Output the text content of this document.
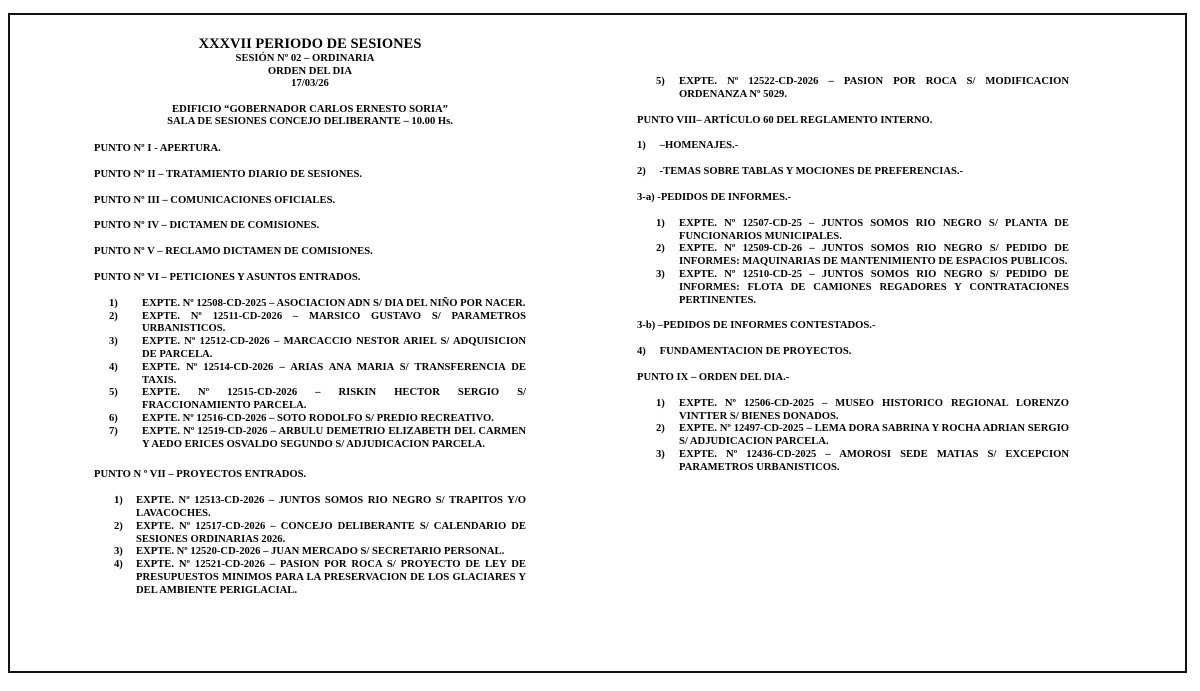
XXXVII PERIODO DE SESIONES
SESIÓN Nº 02 – ORDINARIA
ORDEN DEL DIA
17/03/26
EDIFICIO “GOBERNADOR CARLOS ERNESTO SORIA”
SALA DE SESIONES CONCEJO DELIBERANTE – 10.00 Hs.
PUNTO Nº I - APERTURA.
PUNTO Nº II – TRATAMIENTO DIARIO DE SESIONES.
PUNTO Nº III – COMUNICACIONES OFICIALES.
PUNTO Nº IV – DICTAMEN DE COMISIONES.
PUNTO Nº V – RECLAMO DICTAMEN DE COMISIONES.
PUNTO Nº VI – PETICIONES Y ASUNTOS ENTRADOS.
1) EXPTE. Nº 12508-CD-2025 – ASOCIACION ADN S/ DIA DEL NIÑO POR NACER.
2) EXPTE. Nº 12511-CD-2026 – MARSICO GUSTAVO S/ PARAMETROS URBANISTICOS.
3) EXPTE. Nº 12512-CD-2026 – MARCACCIO NESTOR ARIEL S/ ADQUISICION DE PARCELA.
4) EXPTE. Nº 12514-CD-2026 – ARIAS ANA MARIA S/ TRANSFERENCIA DE TAXIS.
5) EXPTE. Nº 12515-CD-2026 – RISKIN HECTOR SERGIO S/ FRACCIONAMIENTO PARCELA.
6) EXPTE. Nº 12516-CD-2026 – SOTO RODOLFO S/ PREDIO RECREATIVO.
7) EXPTE. Nº 12519-CD-2026 – ARBULU DEMETRIO ELIZABETH DEL CARMEN Y AEDO ERICES OSVALDO SEGUNDO S/ ADJUDICACION PARCELA.
PUNTO N º VII – PROYECTOS ENTRADOS.
1) EXPTE. Nº 12513-CD-2026 – JUNTOS SOMOS RIO NEGRO S/ TRAPITOS Y/O LAVACOCHES.
2) EXPTE. Nº 12517-CD-2026 – CONCEJO DELIBERANTE S/ CALENDARIO DE SESIONES ORDINARIAS 2026.
3) EXPTE. Nº 12520-CD-2026 – JUAN MERCADO S/ SECRETARIO PERSONAL.
4) EXPTE. Nº 12521-CD-2026 – PASION POR ROCA S/ PROYECTO DE LEY DE PRESUPUESTOS MINIMOS PARA LA PRESERVACION DE LOS GLACIARES Y DEL AMBIENTE PERIGLACIAL.
5) EXPTE. Nº 12522-CD-2026 – PASION POR ROCA S/ MODIFICACION ORDENANZA Nº 5029.
PUNTO VIII– ARTÍCULO 60 DEL REGLAMENTO INTERNO.
1) –HOMENAJES.-
2) -TEMAS SOBRE TABLAS Y MOCIONES DE PREFERENCIAS.-
3-a) -PEDIDOS DE INFORMES.-
1) EXPTE. Nº 12507-CD-25 – JUNTOS SOMOS RIO NEGRO S/ PLANTA DE FUNCIONARIOS MUNICIPALES.
2) EXPTE. Nº 12509-CD-26 – JUNTOS SOMOS RIO NEGRO S/ PEDIDO DE INFORMES: MAQUINARIAS DE MANTENIMIENTO DE ESPACIOS PUBLICOS.
3) EXPTE. Nº 12510-CD-25 – JUNTOS SOMOS RIO NEGRO S/ PEDIDO DE INFORMES: FLOTA DE CAMIONES REGADORES Y CONTRATACIONES PERTINENTES.
3-b) –PEDIDOS DE INFORMES CONTESTADOS.-
4) FUNDAMENTACION DE PROYECTOS.
PUNTO IX – ORDEN DEL DIA.-
1) EXPTE. Nº 12506-CD-2025 – MUSEO HISTORICO REGIONAL LORENZO VINTTER S/ BIENES DONADOS.
2) EXPTE. Nº 12497-CD-2025 – LEMA DORA SABRINA Y ROCHA ADRIAN SERGIO S/ ADJUDICACION PARCELA.
3) EXPTE. Nº 12436-CD-2025 – AMOROSI SEDE MATIAS S/ EXCEPCION PARAMETROS URBANISTICOS.
